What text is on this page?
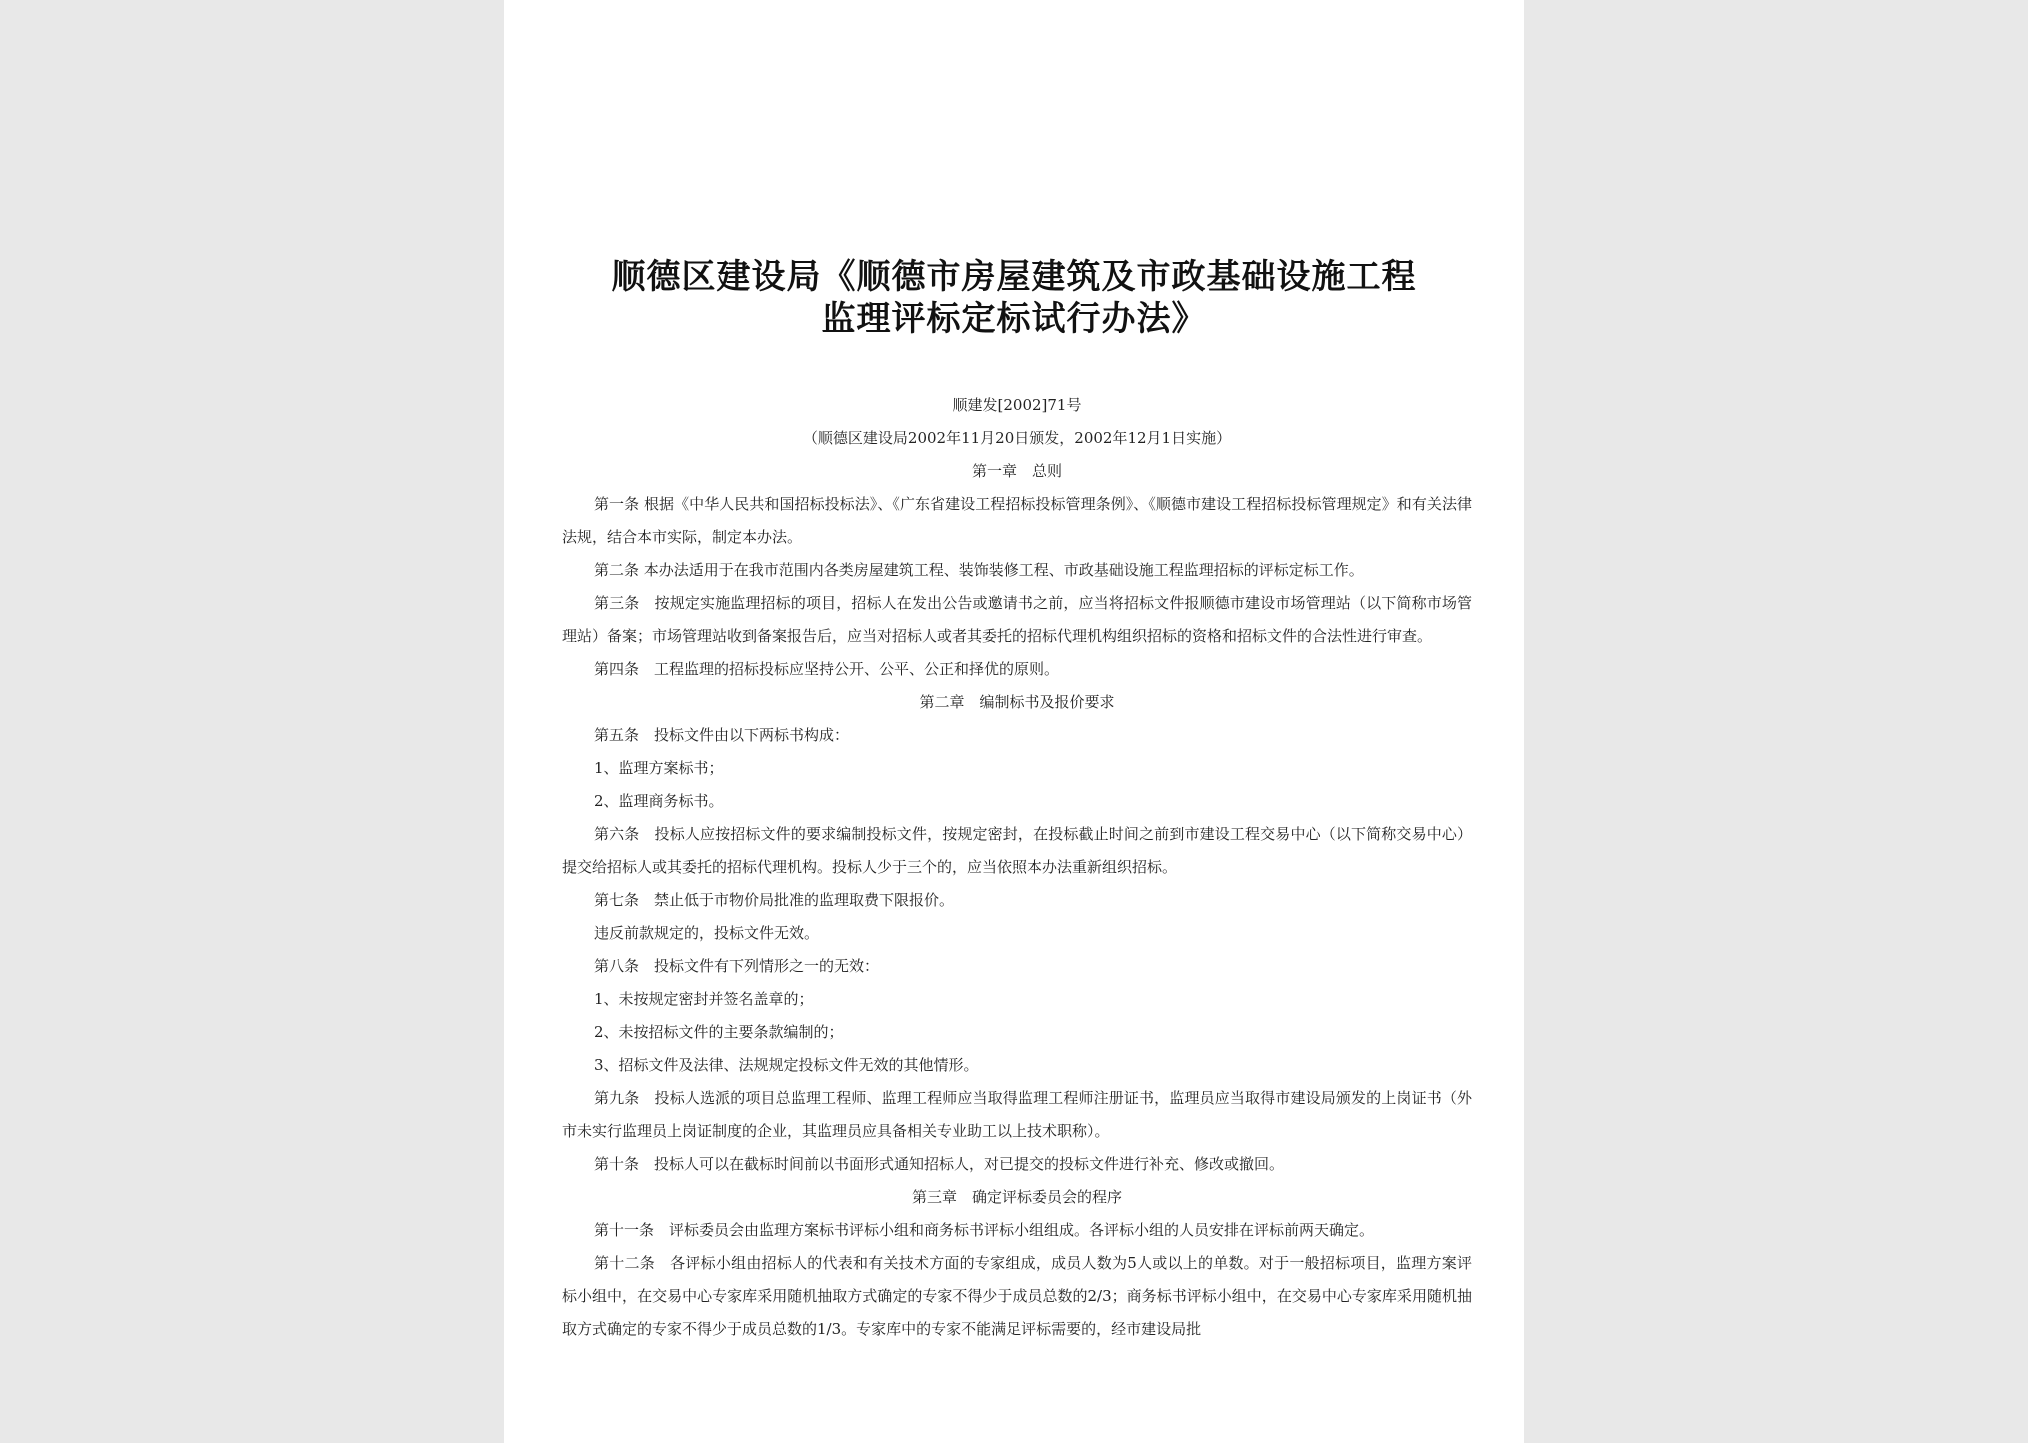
顺德区建设局《顺德市房屋建筑及市政基础设施工程
监理评标定标试行办法》

顺建发[2002]71号

（顺德区建设局2002年11月20日颁发，2002年12月1日实施）

第一章　总则

第一条 根据《中华人民共和国招标投标法》、《广东省建设工程招标投标管理条例》、《顺德市建设工程招标投标管理规定》和有关法律法规，结合本市实际，制定本办法。

第二条 本办法适用于在我市范围内各类房屋建筑工程、装饰装修工程、市政基础设施工程监理招标的评标定标工作。

第三条　按规定实施监理招标的项目，招标人在发出公告或邀请书之前，应当将招标文件报顺德市建设市场管理站（以下简称市场管理站）备案；市场管理站收到备案报告后，应当对招标人或者其委托的招标代理机构组织招标的资格和招标文件的合法性进行审查。

第四条　工程监理的招标投标应坚持公开、公平、公正和择优的原则。

第二章　编制标书及报价要求

第五条　投标文件由以下两标书构成：

1、监理方案标书；

2、监理商务标书。

第六条　投标人应按招标文件的要求编制投标文件，按规定密封，在投标截止时间之前到市建设工程交易中心（以下简称交易中心）提交给招标人或其委托的招标代理机构。投标人少于三个的，应当依照本办法重新组织招标。

第七条　禁止低于市物价局批准的监理取费下限报价。

违反前款规定的，投标文件无效。

第八条　投标文件有下列情形之一的无效：

1、未按规定密封并签名盖章的；

2、未按招标文件的主要条款编制的；

3、招标文件及法律、法规规定投标文件无效的其他情形。

第九条　投标人选派的项目总监理工程师、监理工程师应当取得监理工程师注册证书，监理员应当取得市建设局颁发的上岗证书（外市未实行监理员上岗证制度的企业，其监理员应具备相关专业助工以上技术职称）。

第十条　投标人可以在截标时间前以书面形式通知招标人，对已提交的投标文件进行补充、修改或撤回。

第三章　确定评标委员会的程序

第十一条　评标委员会由监理方案标书评标小组和商务标书评标小组组成。各评标小组的人员安排在评标前两天确定。

第十二条　各评标小组由招标人的代表和有关技术方面的专家组成，成员人数为5人或以上的单数。对于一般招标项目，监理方案评标小组中，在交易中心专家库采用随机抽取方式确定的专家不得少于成员总数的2/3；商务标书评标小组中，在交易中心专家库采用随机抽取方式确定的专家不得少于成员总数的1/3。专家库中的专家不能满足评标需要的，经市建设局批
